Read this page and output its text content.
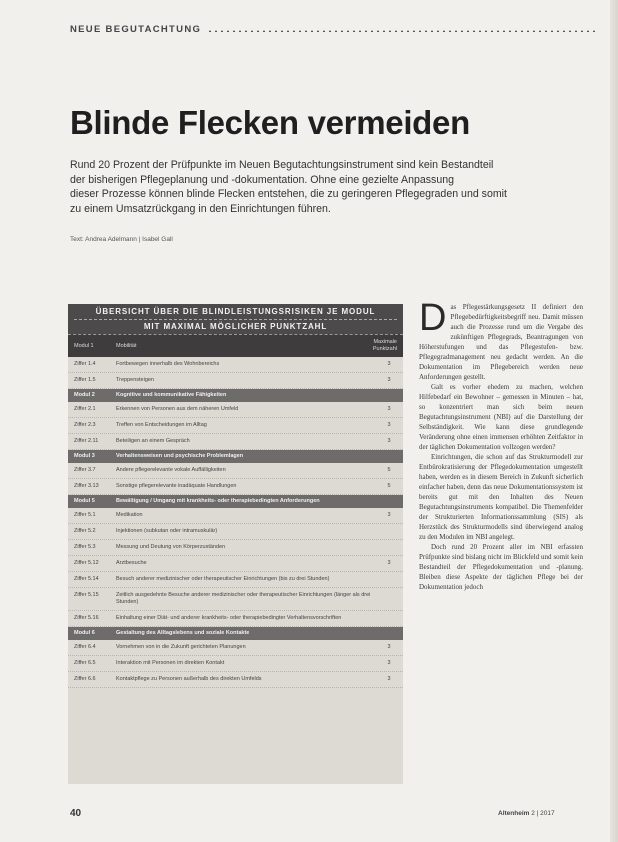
NEUE BEGUTACHTUNG
Blinde Flecken vermeiden
Rund 20 Prozent der Prüfpunkte im Neuen Begutachtungsinstrument sind kein Bestandteil
der bisherigen Pflegeplanung und -dokumentation. Ohne eine gezielte Anpassung
dieser Prozesse können blinde Flecken entstehen, die zu geringeren Pflegegraden und somit
zu einem Umsatzrückgang in den Einrichtungen führen.
Text: Andrea Adelmann | Isabel Gall
ÜBERSICHT ÜBER DIE BLINDLEISTUNGSRISIKEN JE MODUL
MIT MAXIMAL MÖGLICHER PUNKTZAHL
Modul 1	Mobilität
Maximale Punktzahl
Ziffer 1.4	Fortbewegen innerhalb des Wohnbereichs	3
Ziffer 1.5	Treppensteigen	3
Modul 2	Kognitive und kommunikative Fähigkeiten
Ziffer 2.1	Erkennen von Personen aus dem näheren Umfeld	3
Ziffer 2.3	Treffen von Entscheidungen im Alltag	3
Ziffer 2.11	Beteiligen an einem Gespräch	3
Modul 3	Verhaltensweisen und psychische Problemlagen
Ziffer 3.7	Andere pflegerelevante vokale Auffälligkeiten	5
Ziffer 3.13	Sonstige pflegerelevante inadäquate Handlungen	5
Modul 5	Bewältigung / Umgang mit krankheits- oder therapiebedingten Anforderungen
Ziffer 5.1	Medikation	3
Ziffer 5.2	Injektionen (subkutan oder intramuskulär)
Ziffer 5.3	Messung und Deutung von Körperzuständen
Ziffer 5.12	Arztbesuche	3
Ziffer 5.14	Besuch anderer medizinischer oder therapeutischer Einrichtungen (bis zu drei Stunden)
Ziffer 5.15	Zeitlich ausgedehnte Besuche anderer medizinischer oder therapeutischer Einrichtungen (länger als drei Stunden)
Ziffer 5.16	Einhaltung einer Diät- und anderer krankheits- oder therapiebedingter Verhaltensvorschriften
Modul 6	Gestaltung des Alltagslebens und soziale Kontakte
Ziffer 6.4	Vornehmen von in die Zukunft gerichteten Planungen	3
Ziffer 6.5	Interaktion mit Personen im direkten Kontakt	3
Ziffer 6.6	Kontaktpflege zu Personen außerhalb des direkten Umfelds	3

D as Pflegestärkungsgesetz II definiert den Pflegebedürftigkeitsbegriff neu. Damit müssen auch die Prozesse rund um die Vergabe des zukünftigen Pflegegrads, Beantragungen von Höherstufungen und das Pflegestufen- bzw. Pflegegradmanagement neu gedacht werden. An die Dokumentation im Pflegebereich werden neue Anforderungen gestellt.

Galt es vorher ehedem zu machen, welchen Hilfebedarf ein Bewohner – gemessen in Minuten – hat, so konzentriert man sich beim neuen Begutachtungsinstrument (NBI) auf die Darstellung der Selbständigkeit. Wie kann diese grundlegende Veränderung ohne einen immensen erhöhten Zeitfaktor in der täglichen Dokumentation vollzogen werden?

Einrichtungen, die schon auf das Strukturmodell zur Entbürokratisierung der Pflegedokumentation umgestellt haben, werden es in diesem Bereich in Zukunft sicherlich einfacher haben, denn das neue Dokumentationssystem ist bereits gut mit den Inhalten des Neuen Begutachtungsinstruments kompatibel. Die Themenfelder der Strukturierten Informationssammlung (SIS) als Herzstück des Strukturmodells sind überwiegend analog zu den Modulen im NBI angelegt.

Doch rund 20 Prozent aller im NBI erfassten Prüfpunkte sind bislang nicht im Blickfeld und somit kein Bestandteil der Pflegedokumentation und -planung. Bleiben diese Aspekte der täglichen Pflege bei der Dokumentation jedoch

40	Altenheim 2 | 2017
